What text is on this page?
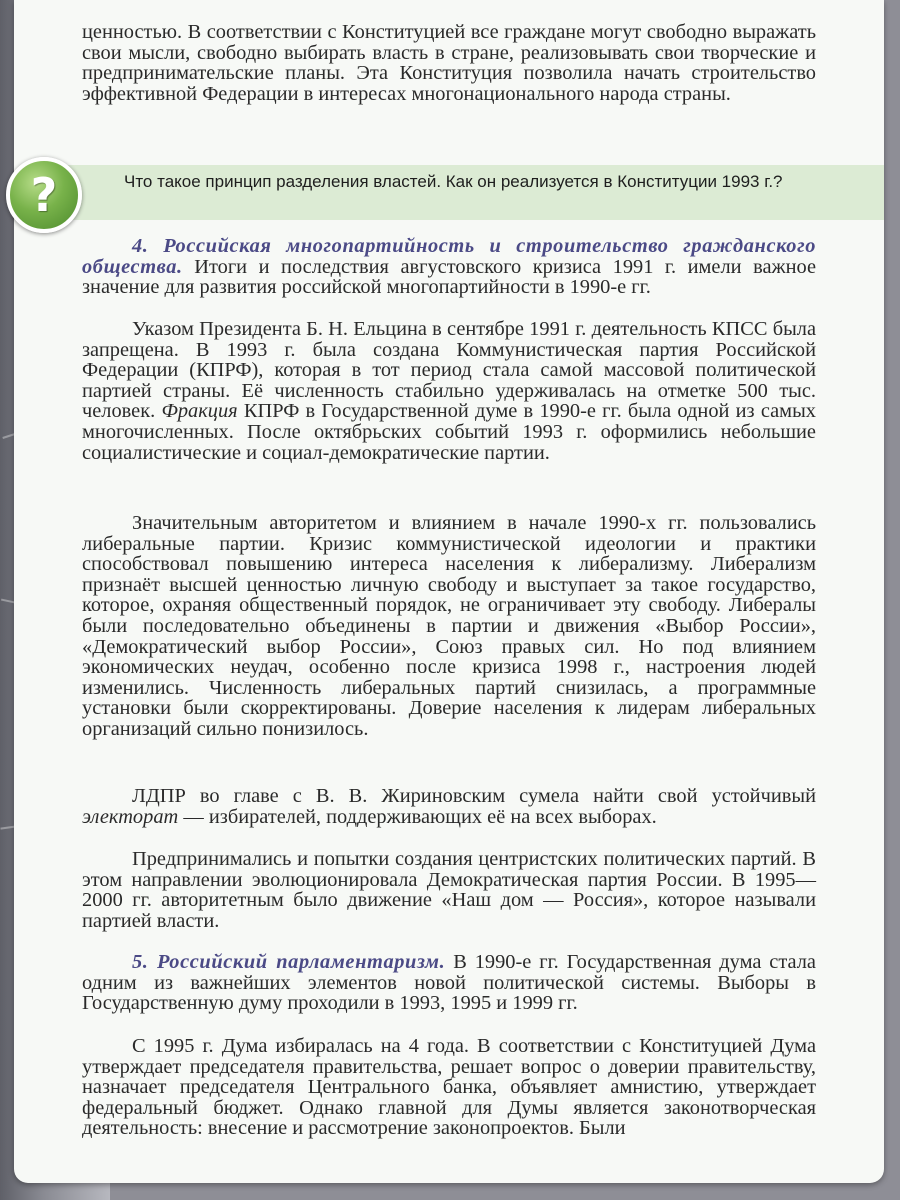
ценностью. В соответствии с Конституцией все граждане могут свободно выражать свои мысли, свободно выбирать власть в стране, реализовывать свои творческие и предпринимательские планы. Эта Конституция позволила начать строительство эффективной Федерации в интересах многонационального народа страны.

?	Что такое принцип разделения властей. Как он реализуется в Конституции 1993 г.?

4. Российская многопартийность и строительство гражданского общества. Итоги и последствия августовского кризиса 1991 г. имели важное значение для развития российской многопартийности в 1990-е гг.

Указом Президента Б. Н. Ельцина в сентябре 1991 г. деятельность КПСС была запрещена. В 1993 г. была создана Коммунистическая партия Российской Федерации (КПРФ), которая в тот период стала самой массовой политической партией страны. Её численность стабильно удерживалась на отметке 500 тыс. человек. Фракция КПРФ в Государственной думе в 1990-е гг. была одной из самых многочисленных. После октябрьских событий 1993 г. оформились небольшие социалистические и социал-демократические партии.

Значительным авторитетом и влиянием в начале 1990-х гг. пользовались либеральные партии. Кризис коммунистической идеологии и практики способствовал повышению интереса населения к либерализму. Либерализм признаёт высшей ценностью личную свободу и выступает за такое государство, которое, охраняя общественный порядок, не ограничивает эту свободу. Либералы были последовательно объединены в партии и движения «Выбор России», «Демократический выбор России», Союз правых сил. Но под влиянием экономических неудач, особенно после кризиса 1998 г., настроения людей изменились. Численность либеральных партий снизилась, а программные установки были скорректированы. Доверие населения к лидерам либеральных организаций сильно понизилось.

ЛДПР во главе с В. В. Жириновским сумела найти свой устойчивый электорат — избирателей, поддерживающих её на всех выборах.

Предпринимались и попытки создания центристских политических партий. В этом направлении эволюционировала Демократическая партия России. В 1995—2000 гг. авторитетным было движение «Наш дом — Россия», которое называли партией власти.

5. Российский парламентаризм. В 1990-е гг. Государственная дума стала одним из важнейших элементов новой политической системы. Выборы в Государственную думу проходили в 1993, 1995 и 1999 гг.

С 1995 г. Дума избиралась на 4 года. В соответствии с Конституцией Дума утверждает председателя правительства, решает вопрос о доверии правительству, назначает председателя Центрального банка, объявляет амнистию, утверждает федеральный бюджет. Однако главной для Думы является законотворческая деятельность: внесение и рассмотрение законопроектов. Были
